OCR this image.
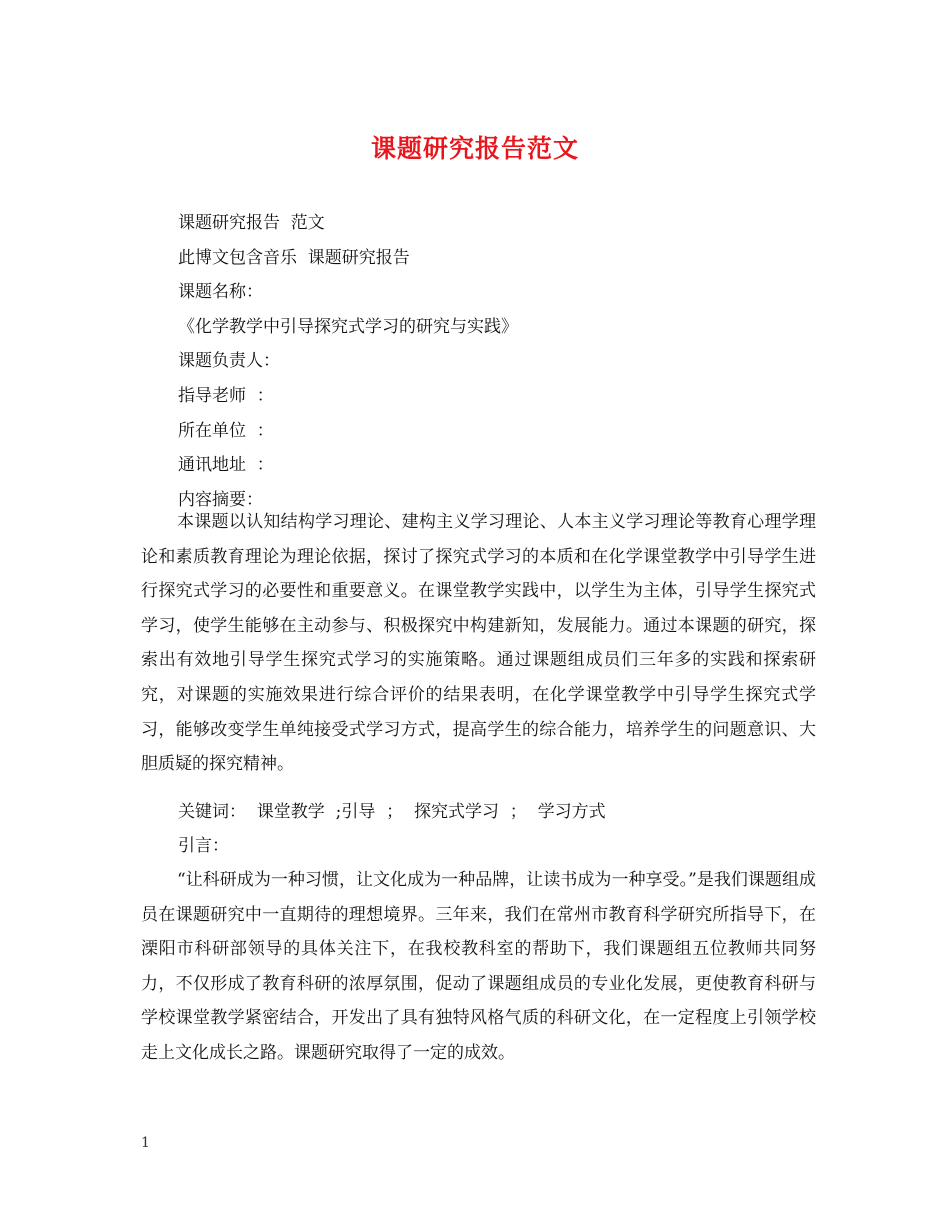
课题研究报告范文
课题研究报告  范文
此博文包含音乐  课题研究报告
课题名称：
《化学教学中引导探究式学习的研究与实践》
课题负责人：
指导老师  ：
所在单位  ：
通讯地址  ：
内容摘要：

本课题以认知结构学习理论、建构主义学习理论、人本主义学习理论等教育心理学理论和素质教育理论为理论依据，探讨了探究式学习的本质和在化学课堂教学中引导学生进行探究式学习的必要性和重要意义。在课堂教学实践中，以学生为主体，引导学生探究式学习，使学生能够在主动参与、积极探究中构建新知，发展能力。通过本课题的研究，探索出有效地引导学生探究式学习的实施策略。通过课题组成员们三年多的实践和探索研究，对课题的实施效果进行综合评价的结果表明，在化学课堂教学中引导学生探究式学习，能够改变学生单纯接受式学习方式，提高学生的综合能力，培养学生的问题意识、大胆质疑的探究精神。

关键词：  课堂教学  ;引导  ；  探究式学习  ；  学习方式
引言：

“让科研成为一种习惯，让文化成为一种品牌，让读书成为一种享受。”是我们课题组成员在课题研究中一直期待的理想境界。三年来，我们在常州市教育科学研究所指导下，在溧阳市科研部领导的具体关注下，在我校教科室的帮助下，我们课题组五位教师共同努力，不仅形成了教育科研的浓厚氛围，促动了课题组成员的专业化发展，更使教育科研与学校课堂教学紧密结合，开发出了具有独特风格气质的科研文化，在一定程度上引领学校走上文化成长之路。课题研究取得了一定的成效。

1
